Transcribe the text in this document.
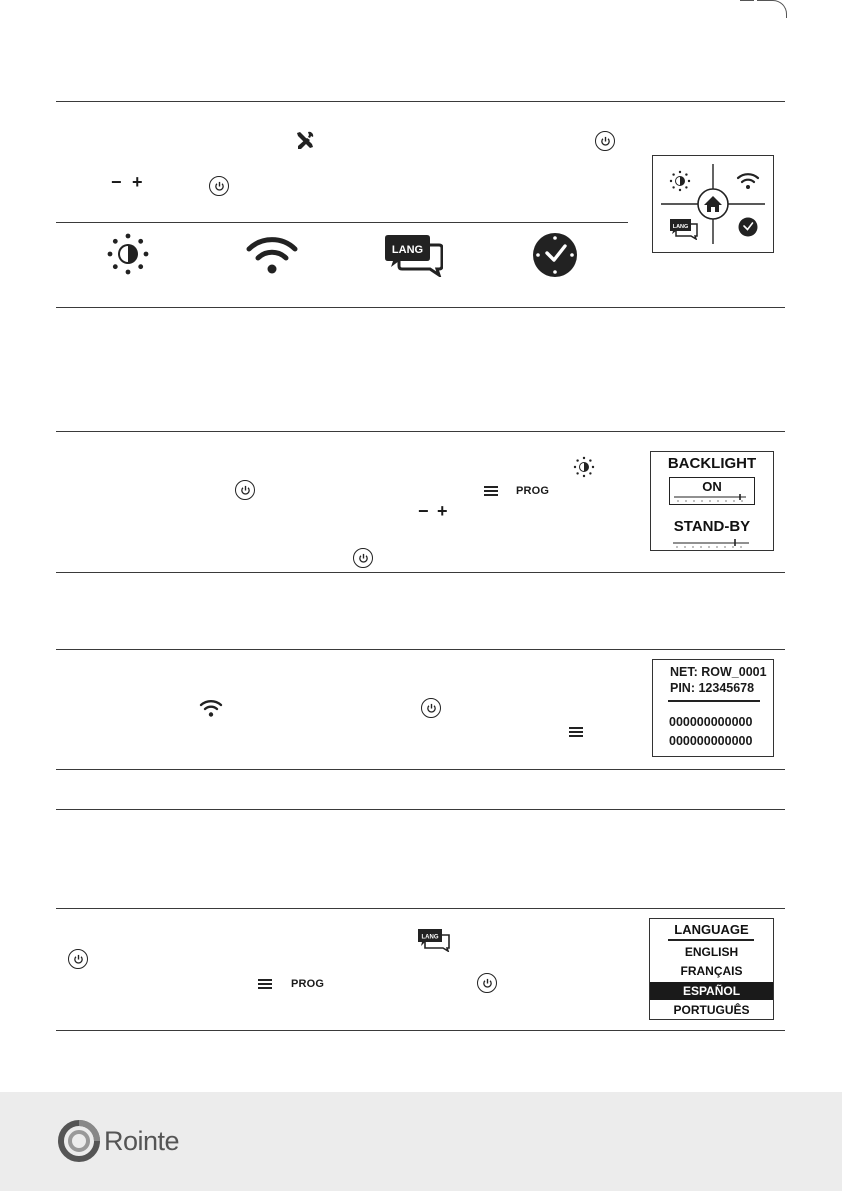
− +
LANG
LANG
PROG
− +
BACKLIGHT
ON
STAND-BY
NET: ROW_0001
PIN: 12345678
000000000000
000000000000
LANG
PROG
LANGUAGE
ENGLISH
FRANÇAIS
ESPAÑOL
PORTUGUÊS
Rointe
